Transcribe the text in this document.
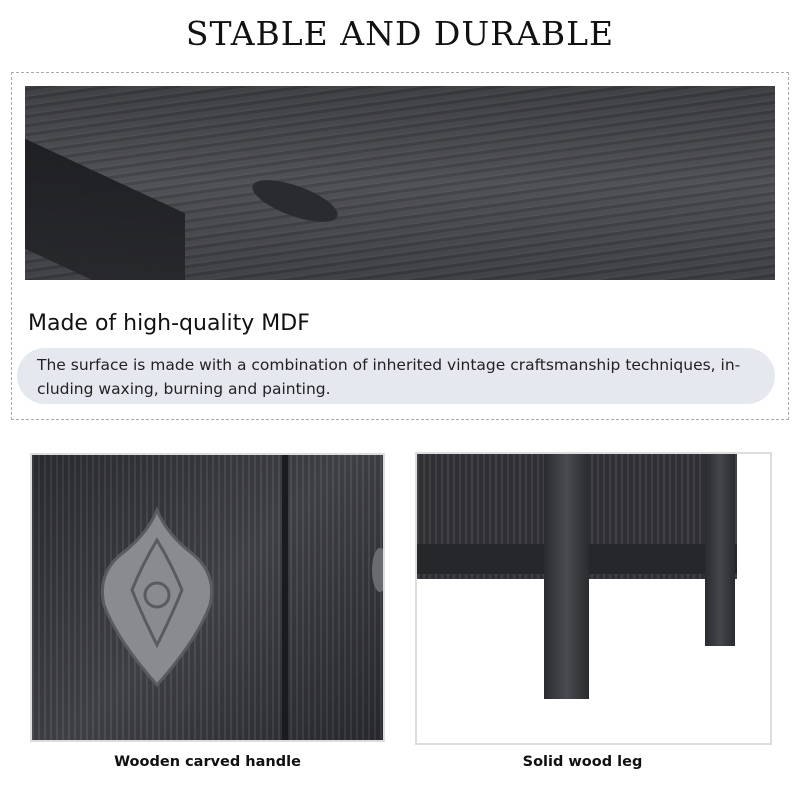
STABLE AND DURABLE
Made of high-quality MDF
The surface is made with a combination of inherited vintage craftsmanship techniques, in-cluding waxing, burning and painting.
Wooden carved handle	Solid wood leg
